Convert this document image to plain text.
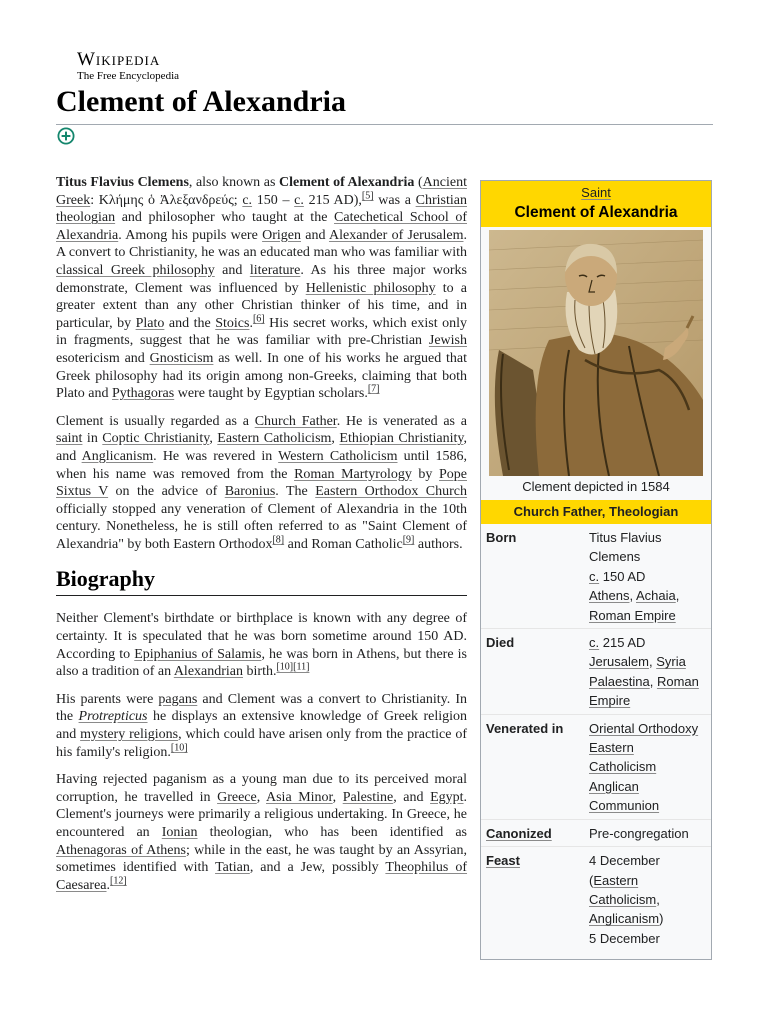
Wikipedia
The Free Encyclopedia
Clement of Alexandria

Titus Flavius Clemens, also known as Clement of Alexandria (Ancient Greek: Κλήμης ὁ Ἀλεξανδρεύς; c. 150 – c. 215 AD),[5] was a Christian theologian and philosopher who taught at the Catechetical School of Alexandria. Among his pupils were Origen and Alexander of Jerusalem. A convert to Christianity, he was an educated man who was familiar with classical Greek philosophy and literature. As his three major works demonstrate, Clement was influenced by Hellenistic philosophy to a greater extent than any other Christian thinker of his time, and in particular, by Plato and the Stoics.[6] His secret works, which exist only in fragments, suggest that he was familiar with pre-Christian Jewish esotericism and Gnosticism as well. In one of his works he argued that Greek philosophy had its origin among non-Greeks, claiming that both Plato and Pythagoras were taught by Egyptian scholars.[7]

Clement is usually regarded as a Church Father. He is venerated as a saint in Coptic Christianity, Eastern Catholicism, Ethiopian Christianity, and Anglicanism. He was revered in Western Catholicism until 1586, when his name was removed from the Roman Martyrology by Pope Sixtus V on the advice of Baronius. The Eastern Orthodox Church officially stopped any veneration of Clement of Alexandria in the 10th century. Nonetheless, he is still often referred to as "Saint Clement of Alexandria" by both Eastern Orthodox[8] and Roman Catholic[9] authors.

Biography

Neither Clement's birthdate or birthplace is known with any degree of certainty. It is speculated that he was born sometime around 150 AD. According to Epiphanius of Salamis, he was born in Athens, but there is also a tradition of an Alexandrian birth.[10][11]

His parents were pagans and Clement was a convert to Christianity. In the Protrepticus he displays an extensive knowledge of Greek religion and mystery religions, which could have arisen only from the practice of his family's religion.[10]

Having rejected paganism as a young man due to its perceived moral corruption, he travelled in Greece, Asia Minor, Palestine, and Egypt. Clement's journeys were primarily a religious undertaking. In Greece, he encountered an Ionian theologian, who has been identified as Athenagoras of Athens; while in the east, he was taught by an Assyrian, sometimes identified with Tatian, and a Jew, possibly Theophilus of Caesarea.[12]

Saint
Clement of Alexandria
Clement depicted in 1584
Church Father, Theologian
Born	Titus Flavius
Clemens
c. 150 AD
Athens, Achaia,
Roman Empire
Died	c. 215 AD
Jerusalem, Syria
Palaestina, Roman
Empire
Venerated in	Oriental Orthodoxy
Eastern
Catholicism
Anglican
Communion
Canonized	Pre-congregation
Feast	4 December
(Eastern
Catholicism,
Anglicanism)
5 December
